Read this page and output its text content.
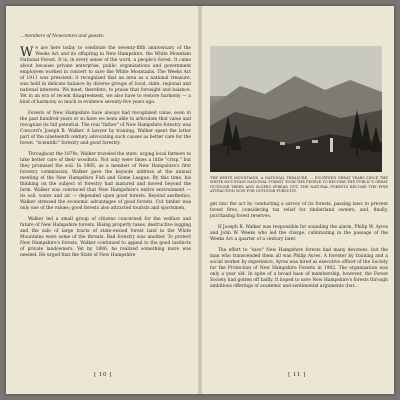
…members of Newcomen and guests:

We are here today to celebrate the seventy-fifth anniversary of the Weeks Act and its offspring in New Hampshire, the White Mountain National Forest. It is, in every sense of the word, a people's forest. It came about because private enterprise, public organizations and government employees worked in concert to save the White Mountains. The Weeks Act of 1911 was prescient: it recognized that an area as a national treasure, was held in delicate balance by diverse groups of local, state, regional and national interests. We meet, therefore, to praise that foresight and balance. Yet in an era of recent disagreement, we also have to restore harmony — a kind of harmony so much in evidence seventy-five years ago.

Forests of New Hampshire have always had recognized value, even in the past hundred years or so have we been able to articulate that value and recognize its full potential. The real "father" of New Hampshire forestry was Concord's Joseph B. Walker. A lawyer by training, Walker spent the latter part of the nineteenth century advocating such causes as better care for the forest, "scientific" forestry and good forestry.

Throughout the 1870s, Walker traveled the state, urging local farmers to take better care of their woodlots. Not only were times a little "crisp," but they promised the soil. In 1885, as a member of New Hampshire's first forestry commission, Walker gave the keynote address at the annual meeting of the New Hampshire Fish and Game League. By this time, his thinking on the subject of forestry had matured and moved beyond the farm. Walker was convinced that New Hampshire's entire environment — its soil, water and air — depended upon good forests. Beyond aesthetics, Walker stressed the economic advantages of good forests. Cut timber was only one of the values; good forests also attracted tourists and sportsmen.

Walker led a small group of citizens concerned for the welfare and future of New Hampshire forests. Rising property taxes, destructive logging and the sale of large tracts of state-owned forest land in the White Mountains were some of the threats. Bad forestry was another. To protect New Hampshire's forests, Walker continued to appeal to the good instincts of private landowners. Yet by 1886, he realized something more was needed. He urged that the State of New Hampshire

[ 10 ]

THE WHITE MOUNTAINS, A NATIONAL TREASURE, … FOURTEEN GREAT YEARS SINCE THE WHITE MOUNTAIN NATIONAL FOREST TOOK THE PEOPLE TO BECOME THE PUBLIC'S GREAT OUTDOOR TREES AND SLOPES SPREAD OUT, THE NATURAL FORESTS BECOME THE FINE ATTRACTION NOW FOR OUTDOOR PURSUITS.

get into the act by conducting a survey of its forests, passing laws to prevent forest fires, considering tax relief for timberland owners, and, finally, purchasing forest reserves.

If Joseph B. Walker was responsible for sounding the alarm, Philip W. Ayres and John W. Weeks who led the charge, culminating in the passage of the Weeks Act a quarter of a century later.

The effort to "save" New Hampshire forests had many devotees, but the man who transcended them all was Philip Ayres. A forester by training and a social worker by experience, Ayres was hired as executive officer of the Society for the Protection of New Hampshire Forests in 1902. The organization was only a year old. In spite of a broad base of membership, however, the Forest Society had gotten off badly. It hoped to save New Hampshire's forests through ambitious offerings of academic and sentimental arguments (but…

[ 11 ]
